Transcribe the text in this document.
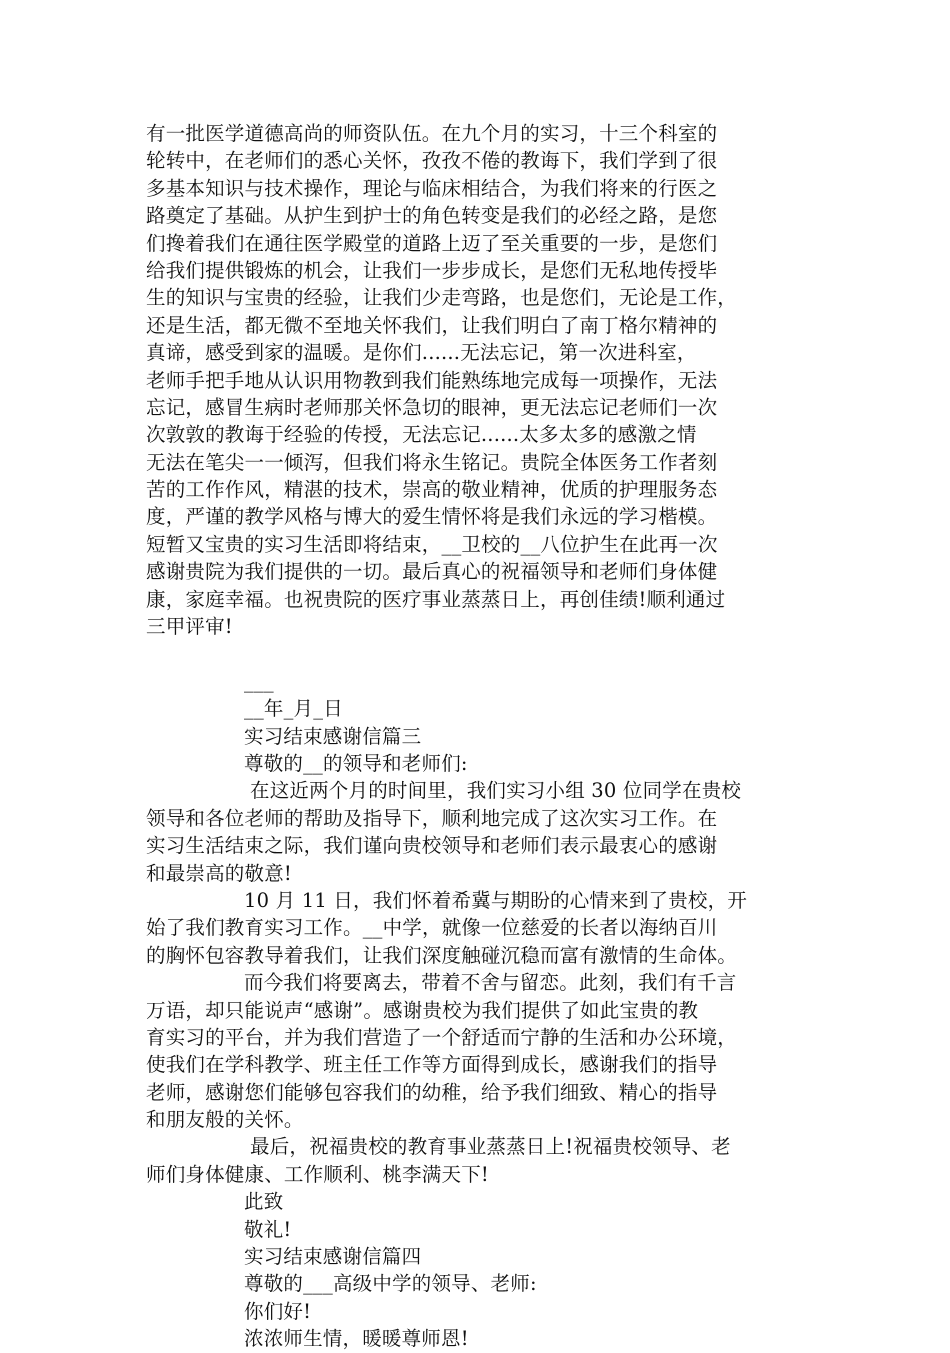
有一批医学道德高尚的师资队伍。在九个月的实习，十三个科室的
轮转中，在老师们的悉心关怀，孜孜不倦的教诲下，我们学到了很
多基本知识与技术操作，理论与临床相结合，为我们将来的行医之
路奠定了基础。从护生到护士的角色转变是我们的必经之路，是您
们搀着我们在通往医学殿堂的道路上迈了至关重要的一步，是您们
给我们提供锻炼的机会，让我们一步步成长，是您们无私地传授毕
生的知识与宝贵的经验，让我们少走弯路，也是您们，无论是工作，
还是生活，都无微不至地关怀我们，让我们明白了南丁格尔精神的
真谛，感受到家的温暖。是你们......无法忘记，第一次进科室，
老师手把手地从认识用物教到我们能熟练地完成每一项操作，无法
忘记，感冒生病时老师那关怀急切的眼神，更无法忘记老师们一次
次敦敦的教诲于经验的传授，无法忘记......太多太多的感激之情
无法在笔尖一一倾泻，但我们将永生铭记。贵院全体医务工作者刻
苦的工作作风，精湛的技术，崇高的敬业精神，优质的护理服务态
度，严谨的教学风格与博大的爱生情怀将是我们永远的学习楷模。
短暂又宝贵的实习生活即将结束，__卫校的__八位护生在此再一次
感谢贵院为我们提供的一切。最后真心的祝福领导和老师们身体健
康，家庭幸福。也祝贵院的医疗事业蒸蒸日上，再创佳绩!顺利通过
三甲评审!
___
__年_月_日
实习结束感谢信篇三
尊敬的__的领导和老师们:
在这近两个月的时间里，我们实习小组 30 位同学在贵校
领导和各位老师的帮助及指导下，顺利地完成了这次实习工作。在
实习生活结束之际，我们谨向贵校领导和老师们表示最衷心的感谢
和最崇高的敬意!
10 月 11 日，我们怀着希冀与期盼的心情来到了贵校，开
始了我们教育实习工作。__中学，就像一位慈爱的长者以海纳百川
的胸怀包容教导着我们，让我们深度触碰沉稳而富有激情的生命体。
而今我们将要离去，带着不舍与留恋。此刻，我们有千言
万语，却只能说声“感谢”。感谢贵校为我们提供了如此宝贵的教
育实习的平台，并为我们营造了一个舒适而宁静的生活和办公环境，
使我们在学科教学、班主任工作等方面得到成长，感谢我们的指导
老师，感谢您们能够包容我们的幼稚，给予我们细致、精心的指导
和朋友般的关怀。
最后，祝福贵校的教育事业蒸蒸日上!祝福贵校领导、老
师们身体健康、工作顺利、桃李满天下!
此致
敬礼!
实习结束感谢信篇四
尊敬的___高级中学的领导、老师:
你们好!
浓浓师生情，暖暖尊师恩!
